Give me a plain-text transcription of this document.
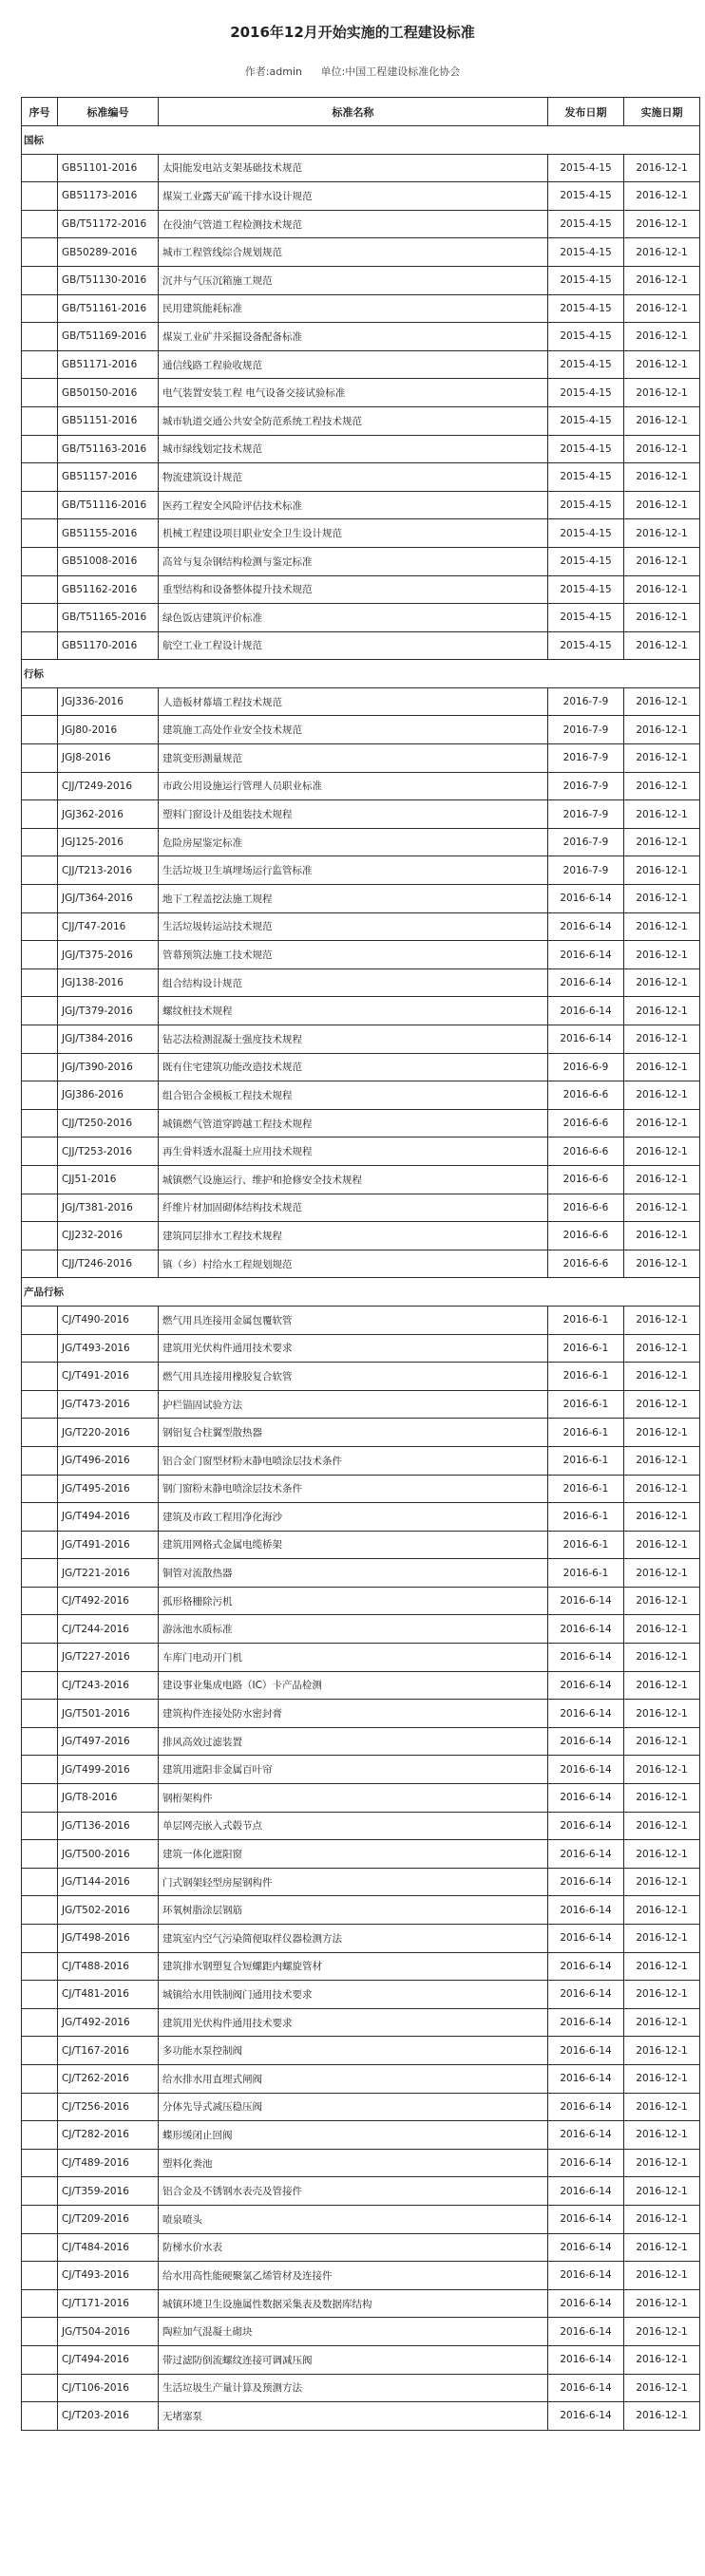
2016年12月开始实施的工程建设标准
作者:admin 单位:中国工程建设标准化协会
序号	标准编号	标准名称	发布日期	实施日期
国标				
	GB51101-2016	太阳能发电站支架基础技术规范	2015-4-15	2016-12-1
	GB51173-2016	煤炭工业露天矿疏干排水设计规范	2015-4-15	2016-12-1
	GB/T51172-2016	在役油气管道工程检测技术规范	2015-4-15	2016-12-1
	GB50289-2016	城市工程管线综合规划规范	2015-4-15	2016-12-1
	GB/T51130-2016	沉井与气压沉箱施工规范	2015-4-15	2016-12-1
	GB/T51161-2016	民用建筑能耗标准	2015-4-15	2016-12-1
	GB/T51169-2016	煤炭工业矿井采掘设备配备标准	2015-4-15	2016-12-1
	GB51171-2016	通信线路工程验收规范	2015-4-15	2016-12-1
	GB50150-2016	电气装置安装工程 电气设备交接试验标准	2015-4-15	2016-12-1
	GB51151-2016	城市轨道交通公共安全防范系统工程技术规范	2015-4-15	2016-12-1
	GB/T51163-2016	城市绿线划定技术规范	2015-4-15	2016-12-1
	GB51157-2016	物流建筑设计规范	2015-4-15	2016-12-1
	GB/T51116-2016	医药工程安全风险评估技术标准	2015-4-15	2016-12-1
	GB51155-2016	机械工程建设项目职业安全卫生设计规范	2015-4-15	2016-12-1
	GB51008-2016	高耸与复杂钢结构检测与鉴定标准	2015-4-15	2016-12-1
	GB51162-2016	重型结构和设备整体提升技术规范	2015-4-15	2016-12-1
	GB/T51165-2016	绿色饭店建筑评价标准	2015-4-15	2016-12-1
	GB51170-2016	航空工业工程设计规范	2015-4-15	2016-12-1
行标				
	JGJ336-2016	人造板材幕墙工程技术规范	2016-7-9	2016-12-1
	JGJ80-2016	建筑施工高处作业安全技术规范	2016-7-9	2016-12-1
	JGJ8-2016	建筑变形测量规范	2016-7-9	2016-12-1
	CJJ/T249-2016	市政公用设施运行管理人员职业标准	2016-7-9	2016-12-1
	JGJ362-2016	塑料门窗设计及组装技术规程	2016-7-9	2016-12-1
	JGJ125-2016	危险房屋鉴定标准	2016-7-9	2016-12-1
	CJJ/T213-2016	生活垃圾卫生填埋场运行监管标准	2016-7-9	2016-12-1
	JGJ/T364-2016	地下工程盖挖法施工规程	2016-6-14	2016-12-1
	CJJ/T47-2016	生活垃圾转运站技术规范	2016-6-14	2016-12-1
	JGJ/T375-2016	管幕预筑法施工技术规范	2016-6-14	2016-12-1
	JGJ138-2016	组合结构设计规范	2016-6-14	2016-12-1
	JGJ/T379-2016	螺纹桩技术规程	2016-6-14	2016-12-1
	JGJ/T384-2016	钻芯法检测混凝土强度技术规程	2016-6-14	2016-12-1
	JGJ/T390-2016	既有住宅建筑功能改造技术规范	2016-6-9	2016-12-1
	JGJ386-2016	组合铝合金模板工程技术规程	2016-6-6	2016-12-1
	CJJ/T250-2016	城镇燃气管道穿跨越工程技术规程	2016-6-6	2016-12-1
	CJJ/T253-2016	再生骨料透水混凝土应用技术规程	2016-6-6	2016-12-1
	CJJ51-2016	城镇燃气设施运行、维护和抢修安全技术规程	2016-6-6	2016-12-1
	JGJ/T381-2016	纤维片材加固砌体结构技术规范	2016-6-6	2016-12-1
	CJJ232-2016	建筑同层排水工程技术规程	2016-6-6	2016-12-1
	CJJ/T246-2016	镇（乡）村给水工程规划规范	2016-6-6	2016-12-1
产品行标				
	CJ/T490-2016	燃气用具连接用金属包覆软管	2016-6-1	2016-12-1
	JG/T493-2016	建筑用光伏构件通用技术要求	2016-6-1	2016-12-1
	CJ/T491-2016	燃气用具连接用橡胶复合软管	2016-6-1	2016-12-1
	JG/T473-2016	护栏锚固试验方法	2016-6-1	2016-12-1
	JG/T220-2016	钢铝复合柱翼型散热器	2016-6-1	2016-12-1
	JG/T496-2016	铝合金门窗型材粉末静电喷涂层技术条件	2016-6-1	2016-12-1
	JG/T495-2016	钢门窗粉末静电喷涂层技术条件	2016-6-1	2016-12-1
	JG/T494-2016	建筑及市政工程用净化海沙	2016-6-1	2016-12-1
	JG/T491-2016	建筑用网格式金属电缆桥架	2016-6-1	2016-12-1
	JG/T221-2016	铜管对流散热器	2016-6-1	2016-12-1
	CJ/T492-2016	孤形格栅除污机	2016-6-14	2016-12-1
	CJ/T244-2016	游泳池水质标准	2016-6-14	2016-12-1
	JG/T227-2016	车库门电动开门机	2016-6-14	2016-12-1
	CJ/T243-2016	建设事业集成电路（IC）卡产品检测	2016-6-14	2016-12-1
	JG/T501-2016	建筑构件连接处防水密封膏	2016-6-14	2016-12-1
	JG/T497-2016	排风高效过滤装置	2016-6-14	2016-12-1
	JG/T499-2016	建筑用遮阳非金属百叶帘	2016-6-14	2016-12-1
	JG/T8-2016	钢桁架构件	2016-6-14	2016-12-1
	JG/T136-2016	单层网壳嵌入式毂节点	2016-6-14	2016-12-1
	JG/T500-2016	建筑一体化遮阳窗	2016-6-14	2016-12-1
	JG/T144-2016	门式钢架轻型房屋钢构件	2016-6-14	2016-12-1
	JG/T502-2016	环氧树脂涂层钢筋	2016-6-14	2016-12-1
	JG/T498-2016	建筑室内空气污染简便取样仪器检测方法	2016-6-14	2016-12-1
	CJ/T488-2016	建筑排水钢塑复合短螺距内螺旋管材	2016-6-14	2016-12-1
	CJ/T481-2016	城镇给水用铁制阀门通用技术要求	2016-6-14	2016-12-1
	JG/T492-2016	建筑用光伏构件通用技术要求	2016-6-14	2016-12-1
	CJ/T167-2016	多功能水泵控制阀	2016-6-14	2016-12-1
	CJ/T262-2016	给水排水用直埋式闸阀	2016-6-14	2016-12-1
	CJ/T256-2016	分体先导式减压稳压阀	2016-6-14	2016-12-1
	CJ/T282-2016	蝶形缓闭止回阀	2016-6-14	2016-12-1
	CJ/T489-2016	塑料化粪池	2016-6-14	2016-12-1
	CJ/T359-2016	铝合金及不锈钢水表壳及管接件	2016-6-14	2016-12-1
	CJ/T209-2016	喷泉喷头	2016-6-14	2016-12-1
	CJ/T484-2016	防梯水价水表	2016-6-14	2016-12-1
	CJ/T493-2016	给水用高性能硬聚氯乙烯管材及连接件	2016-6-14	2016-12-1
	CJ/T171-2016	城镇环境卫生设施属性数据采集表及数据库结构	2016-6-14	2016-12-1
	JG/T504-2016	陶粒加气混凝土砌块	2016-6-14	2016-12-1
	CJ/T494-2016	带过滤防倒流螺纹连接可调减压阀	2016-6-14	2016-12-1
	CJ/T106-2016	生活垃圾生产量计算及预测方法	2016-6-14	2016-12-1
	CJ/T203-2016	无堵塞泵	2016-6-14	2016-12-1
